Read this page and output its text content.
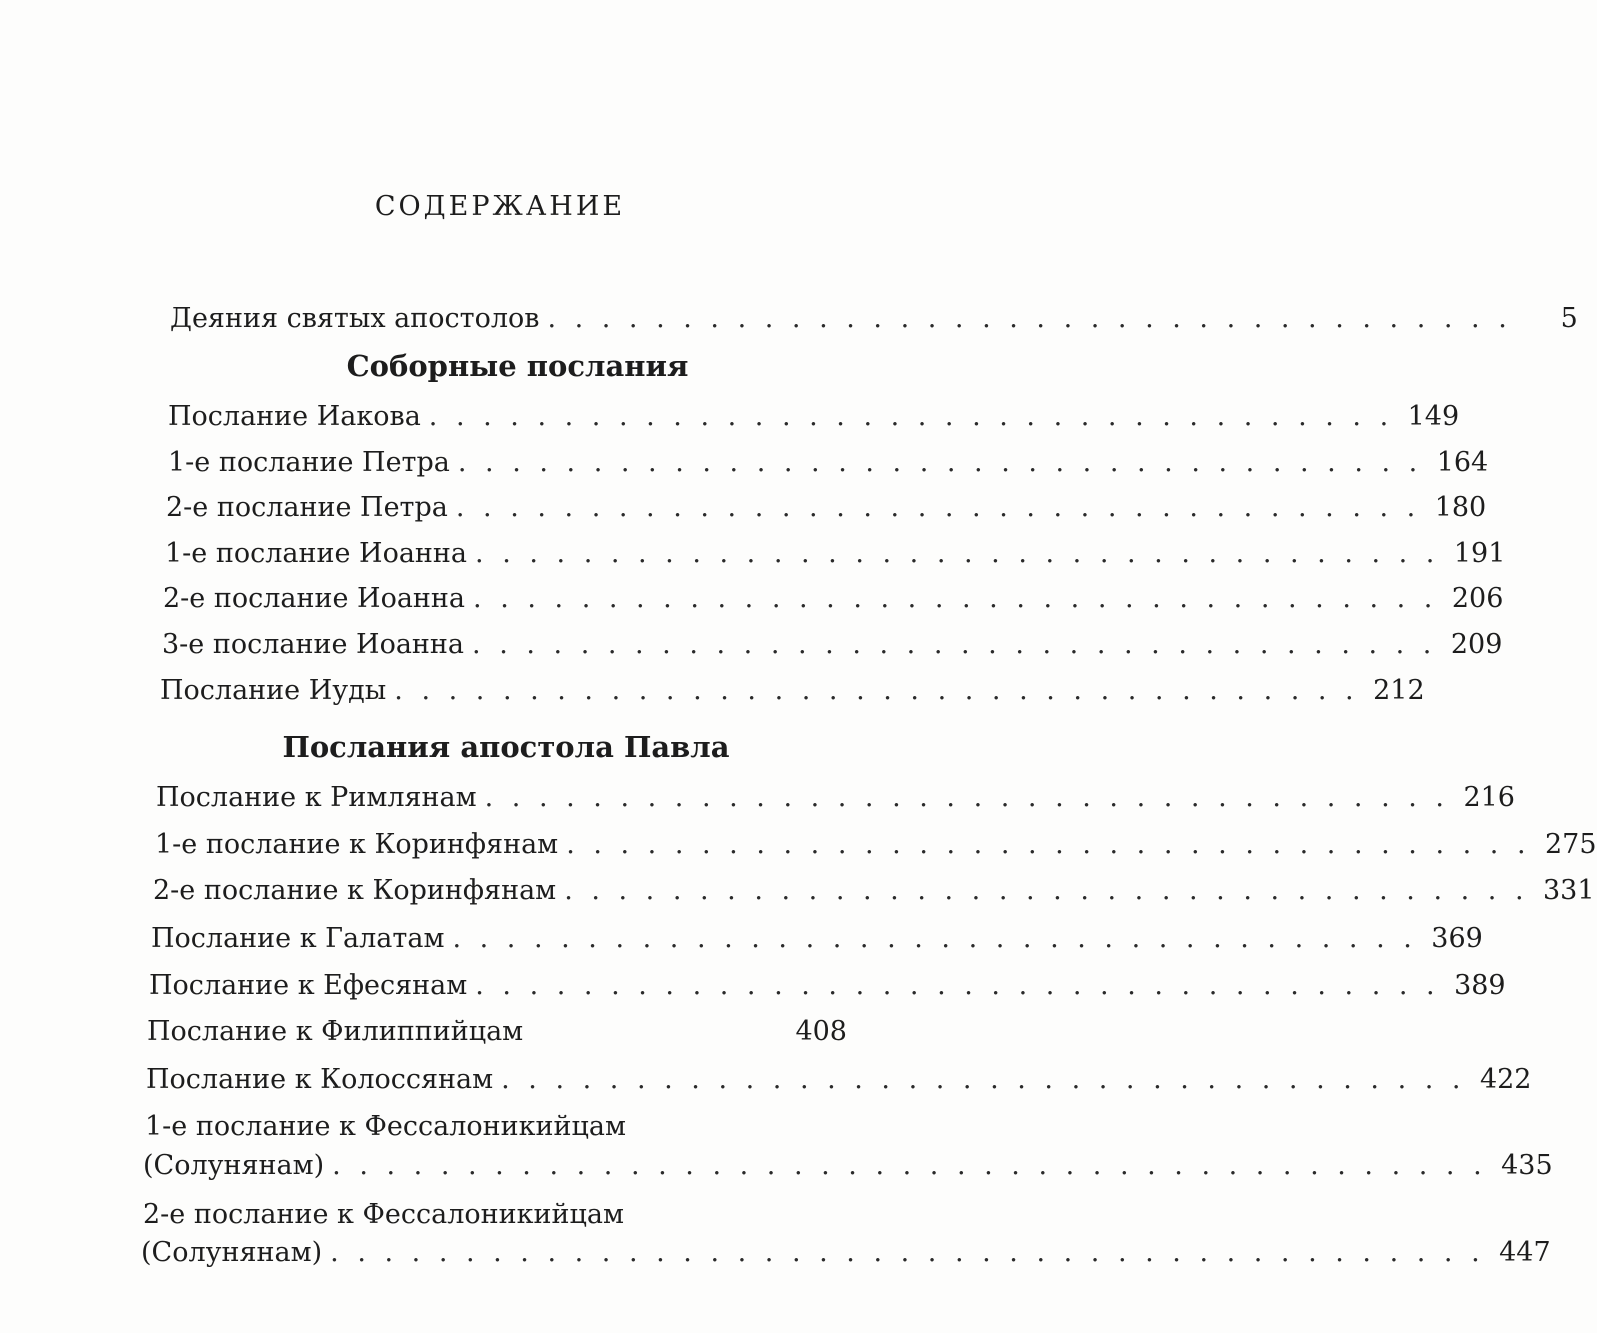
СОДЕРЖАНИЕ
Деяния святых апостолов . . . . . . . . . . . . . . . . . . . . . . . . . . . . . . . . . . . .	5
Соборные послания
Послание Иакова . . . . . . . . . . . . . . . . . . . . . . . . . . . . . . . . . . . . 149
1-е послание Петра . . . . . . . . . . . . . . . . . . . . . . . . . . . . . . . . . . . . 164
2-е послание Петра . . . . . . . . . . . . . . . . . . . . . . . . . . . . . . . . . . . . 180
1-е послание Иоанна . . . . . . . . . . . . . . . . . . . . . . . . . . . . . . . . . . . . 191
2-е послание Иоанна . . . . . . . . . . . . . . . . . . . . . . . . . . . . . . . . . . . . 206
3-е послание Иоанна . . . . . . . . . . . . . . . . . . . . . . . . . . . . . . . . . . . . 209
Послание Иуды . . . . . . . . . . . . . . . . . . . . . . . . . . . . . . . . . . . . 212
Послания апостола Павла
Послание к Римлянам . . . . . . . . . . . . . . . . . . . . . . . . . . . . . . . . . . . . 216
1-е послание к Коринфянам . . . . . . . . . . . . . . . . . . . . . . . . . . . . . . . . . . . . 275
2-е послание к Коринфянам . . . . . . . . . . . . . . . . . . . . . . . . . . . . . . . . . . . . 331
Послание к Галатам . . . . . . . . . . . . . . . . . . . . . . . . . . . . . . . . . . . . 369
Послание к Ефесянам . . . . . . . . . . . . . . . . . . . . . . . . . . . . . . . . . . . . 389
Послание к Филиппийцам	408
Послание к Колоссянам . . . . . . . . . . . . . . . . . . . . . . . . . . . . . . . . . . . . 422
1-е послание к Фессалоникийцам
(Солунянам) . . . . . . . . . . . . . . . . . . . . . . . . . . . . . . . . . . . . . . . . . . . 435
2-е послание к Фессалоникийцам
(Солунянам) . . . . . . . . . . . . . . . . . . . . . . . . . . . . . . . . . . . . . . . . . . . 447
